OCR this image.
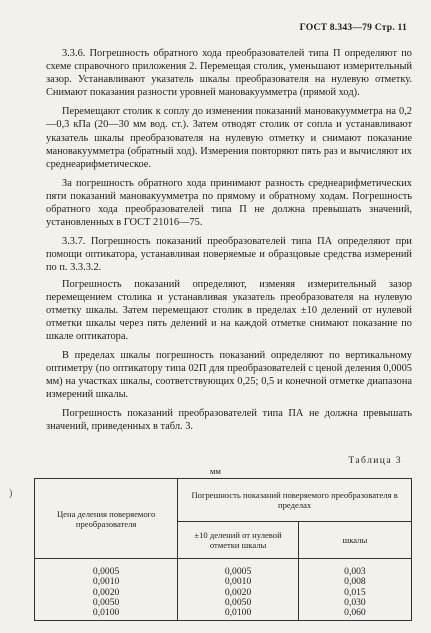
ГОСТ 8.343—79 Стр. 11

3.3.6. Погрешность обратного хода преобразователей типа П определяют по схеме справочного приложения 2. Перемещая столик, уменьшают измерительный зазор. Устанавливают указатель шкалы преобразователя на нулевую отметку. Снимают показания разности уровней мановакуумметра (прямой ход).

Перемещают столик к соплу до изменения показаний мановакуумметра на 0,2—0,3 кПа (20—30 мм вод. ст.). Затем отводят столик от сопла и устанавливают указатель шкалы преобразователя на нулевую отметку и снимают показание мановакуумметра (обратный ход). Измерения повторяют пять раз и вычисляют их среднеарифметическое.

За погрешность обратного хода принимают разность среднеарифметических пяти показаний мановакуумметра по прямому и обратному ходам. Погрешность обратного хода преобразователей типа П не должна превышать значений, установленных в ГОСТ 21016—75.

3.3.7. Погрешность показаний преобразователей типа ПА определяют при помощи оптикатора, устанавливая поверяемые и образцовые средства измерений по п. 3.3.3.2.

Погрешность показаний определяют, изменяя измерительный зазор перемещением столика и устанавливая указатель преобразователя на нулевую отметку шкалы. Затем перемещают столик в пределах ±10 делений от нулевой отметки шкалы через пять делений и на каждой отметке снимают показание по шкале оптикатора.

В пределах шкалы погрешность показаний определяют по вертикальному оптиметру (по оптикатору типа 02П для преобразователей с ценой деления 0,0005 мм) на участках шкалы, соответствующих 0,25; 0,5 и конечной отметке диапазона измерений шкалы.

Погрешность показаний преобразователей типа ПА не должна превышать значений, приведенных в табл. 3.

Таблица 3
мм
)
Цена деления поверяемого преобразователя	Погрешность показаний поверяемого преобразователя в пределах	
	±10 делений от нулевой отметки шкалы	шкалы
0,0005	0,0005	0,003
0,0010	0,0010	0,008
0,0020	0,0020	0,015
0,0050	0,0050	0,030
0,0100	0,0100	0,060
